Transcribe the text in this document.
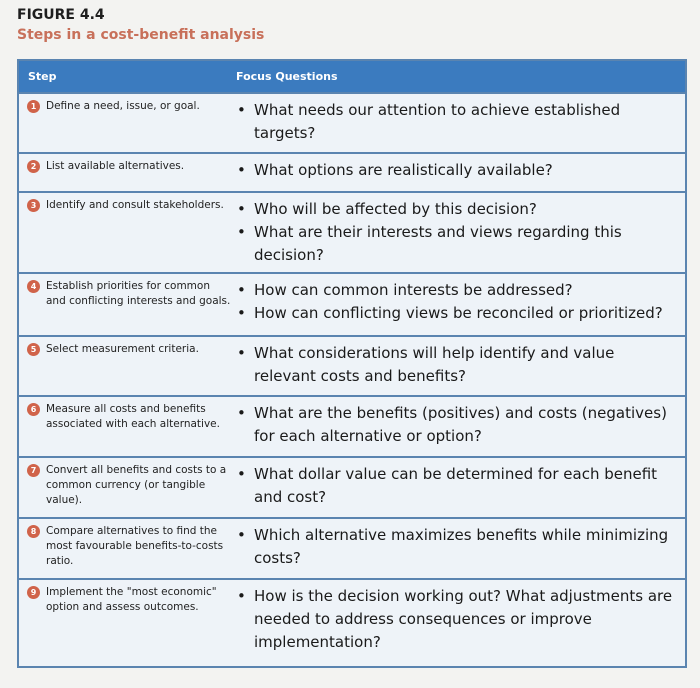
FIGURE 4.4
Steps in a cost-benefit analysis
Step	Focus Questions
1 Define a need, issue, or goal. • What needs our attention to achieve established targets?
2 List available alternatives.	• What options are realistically available?
3 Identify and consult stakeholders. • Who will be affected by this decision?
• What are their interests and views regarding this decision?
4 Establish priorities for common and conflicting interests and goals.
• How can common interests be addressed?
• How can conflicting views be reconciled or prioritized?
5 Select measurement criteria.	• What considerations will help identify and value relevant costs and benefits?
6 Measure all costs and benefits associated with each alternative.
• What are the benefits (positives) and costs (negatives) for each alternative or option?
7 Convert all benefits and costs to a common currency (or tangible value).
• What dollar value can be determined for each benefit and cost?
8 Compare alternatives to find the most favourable benefits-to-costs ratio.
• Which alternative maximizes benefits while minimizing costs?
9 Implement the "most economic" option and assess outcomes.
• How is the decision working out? What adjustments are needed to address consequences or improve implementation?
